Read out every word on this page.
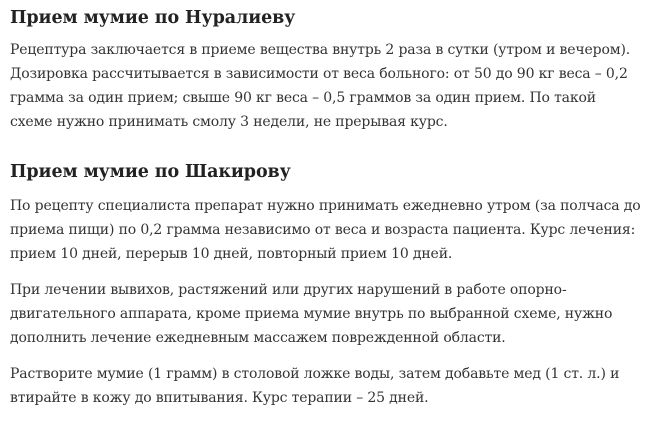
Прием мумие по Нуралиеву

Рецептура заключается в приеме вещества внутрь 2 раза в сутки (утром и вечером).
Дозировка рассчитывается в зависимости от веса больного: от 50 до 90 кг веса – 0,2
грамма за один прием; свыше 90 кг веса – 0,5 граммов за один прием. По такой
схеме нужно принимать смолу 3 недели, не прерывая курс.

Прием мумие по Шакирову

По рецепту специалиста препарат нужно принимать ежедневно утром (за полчаса до
приема пищи) по 0,2 грамма независимо от веса и возраста пациента. Курс лечения:
прием 10 дней, перерыв 10 дней, повторный прием 10 дней.

При лечении вывихов, растяжений или других нарушений в работе опорно-
двигательного аппарата, кроме приема мумие внутрь по выбранной схеме, нужно
дополнить лечение ежедневным массажем поврежденной области.

Растворите мумие (1 грамм) в столовой ложке воды, затем добавьте мед (1 ст. л.) и
втирайте в кожу до впитывания. Курс терапии – 25 дней.
